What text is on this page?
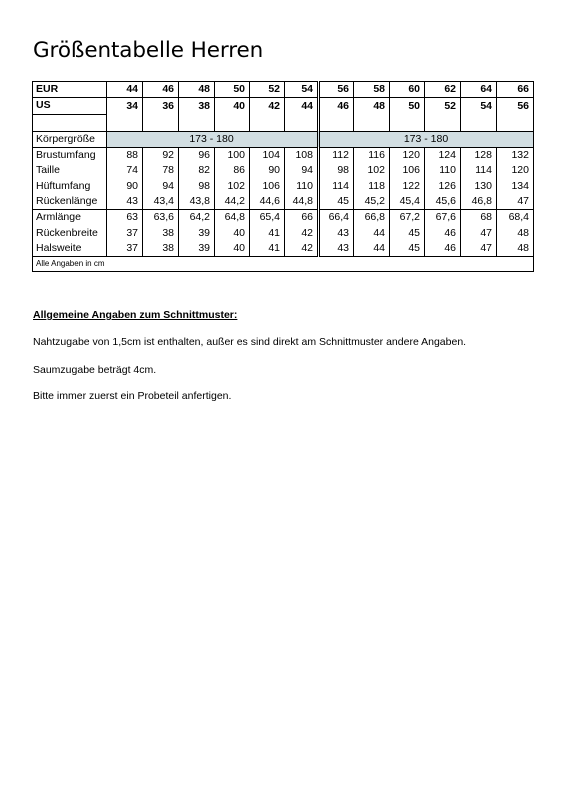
Größentabelle Herren
EUR	44	46	48	50	52	54	56	58	60	62	64	66
US	34	36	38	40	42	44	46	48	50	52	54	56

Körpergröße	173 - 180						173 - 180					
Brustumfang	88	92	96	100	104	108	112	116	120	124	128	132
Taille	74	78	82	86	90	94	98	102	106	110	114	120
Hüftumfang	90	94	98	102	106	110	114	118	122	126	130	134
Rückenlänge	43	43,4	43,8	44,2	44,6	44,8	45	45,2	45,4	45,6	46,8	47
Armlänge	63	63,6	64,2	64,8	65,4	66	66,4	66,8	67,2	67,6	68	68,4
Rückenbreite	37	38	39	40	41	42	43	44	45	46	47	48
Halsweite	37	38	39	40	41	42	43	44	45	46	47	48
Alle Angaben in cm												
Allgemeine Angaben zum Schnittmuster:
Nahtzugabe von 1,5cm ist enthalten, außer es sind direkt am Schnittmuster andere Angaben.
Saumzugabe beträgt 4cm.
Bitte immer zuerst ein Probeteil anfertigen.
